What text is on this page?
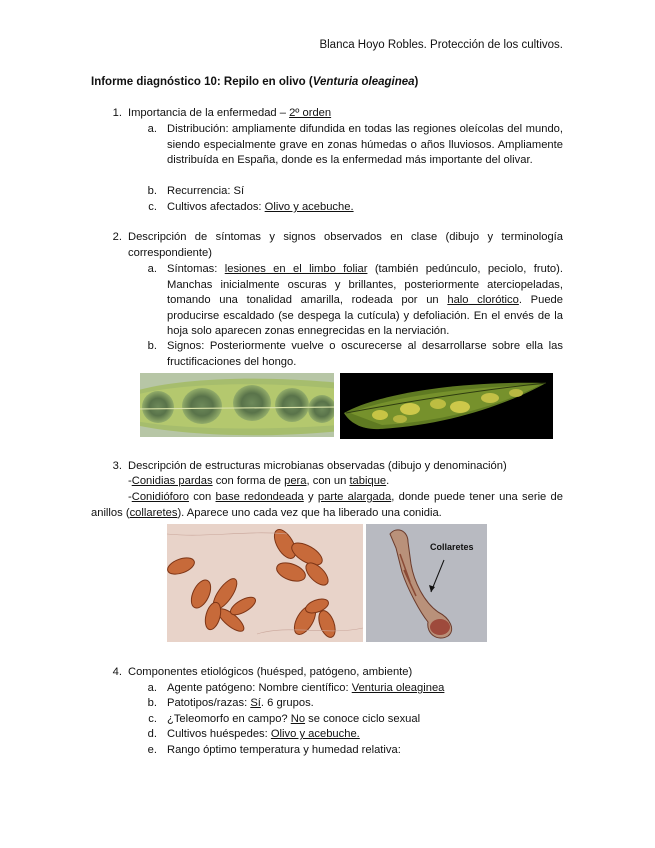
Blanca Hoyo Robles. Protección de los cultivos.
Informe diagnóstico 10: Repilo en olivo (Venturia oleaginea)
1. Importancia de la enfermedad – 2º orden
a. Distribución: ampliamente difundida en todas las regiones oleícolas del mundo, siendo especialmente grave en zonas húmedas o años lluviosos. Ampliamente distribuída en España, donde es la enfermedad más importante del olivar.
b. Recurrencia: Sí
c. Cultivos afectados: Olivo y acebuche.
2. Descripción de síntomas y signos observados en clase (dibujo y terminología correspondiente)
a. Síntomas: lesiones en el limbo foliar (también pedúnculo, peciolo, fruto). Manchas inicialmente oscuras y brillantes, posteriormente aterciopeladas, tomando una tonalidad amarilla, rodeada por un halo clorótico. Puede producirse escaldado (se despega la cutícula) y defoliación. En el envés de la hoja solo aparecen zonas ennegrecidas en la nerviación.
b. Signos: Posteriormente vuelve o oscurecerse al desarrollarse sobre ella las fructificaciones del hongo.
3. Descripción de estructuras microbianas observadas (dibujo y denominación)
-Conidias pardas con forma de pera, con un tabique.
-Conidióforo con base redondeada y parte alargada, donde puede tener una serie de anillos (collaretes). Aparece uno cada vez que ha liberado una conidia.
Collaretes
4. Componentes etiológicos (huésped, patógeno, ambiente)
a. Agente patógeno: Nombre científico: Venturia oleaginea
b. Patotipos/razas: Sí. 6 grupos.
c. ¿Teleomorfo en campo? No se conoce ciclo sexual
d. Cultivos huéspedes: Olivo y acebuche.
e. Rango óptimo temperatura y humedad relativa:
